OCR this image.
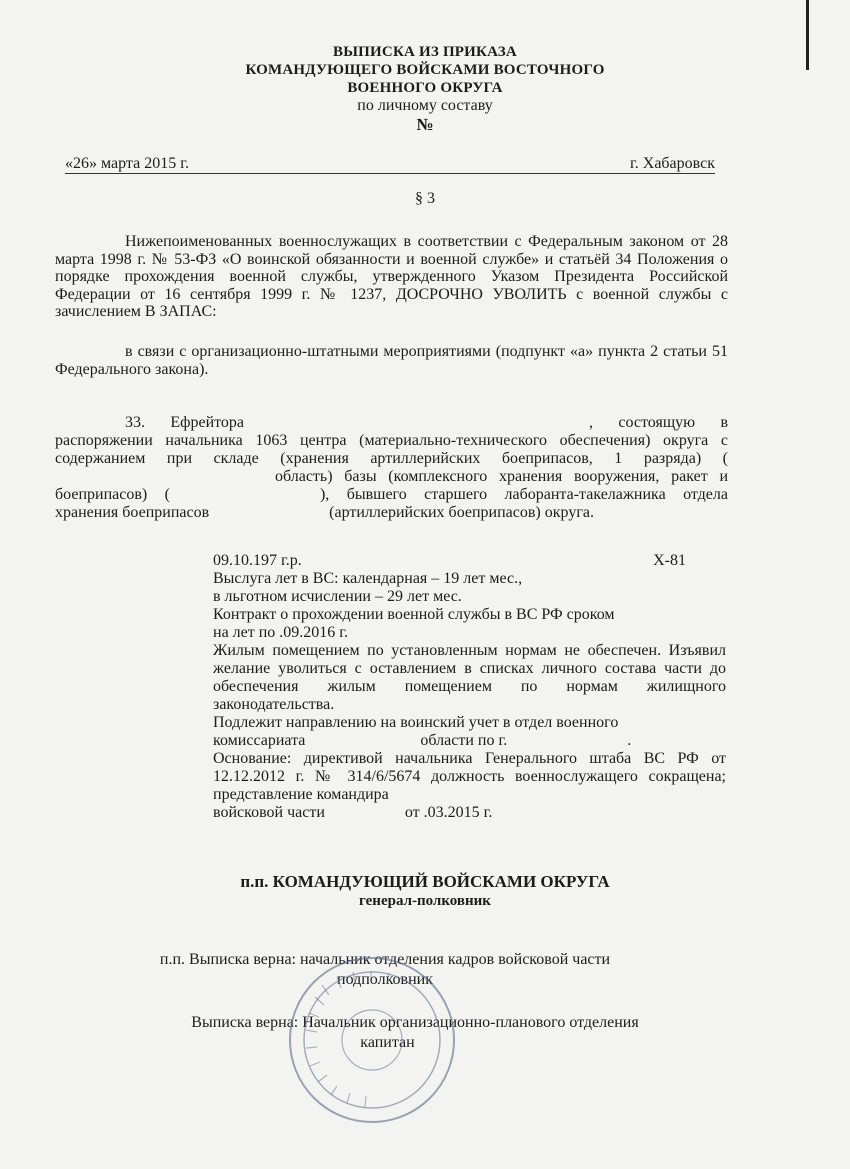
ВЫПИСКА ИЗ ПРИКАЗА
КОМАНДУЮЩЕГО ВОЙСКАМИ ВОСТОЧНОГО
ВОЕННОГО ОКРУГА
по личному составу
№
«26» марта 2015 г.	г. Хабаровск
§ 3
Нижепоименованных военнослужащих в соответствии с Федеральным законом от 28 марта 1998 г. № 53-ФЗ «О воинской обязанности и военной службе» и статьёй 34 Положения о порядке прохождения военной службы, утвержденного Указом Президента Российской Федерации от 16 сентября 1999 г. № 1237, ДОСРОЧНО УВОЛИТЬ с военной службы с зачислением В ЗАПАС:
в связи с организационно-штатными мероприятиями (подпункт «а» пункта 2 статьи 51 Федерального закона).
33. Ефрейтора	, состоящую в распоряжении начальника 1063 центра (материально-технического обеспечения) округа с содержанием при складе (хранения артиллерийских боеприпасов, 1 разряда) (область) базы (комплексного хранения вооружения, ракет и боеприпасов) (	), бывшего старшего лаборанта-такелажника отдела хранения боеприпасов	(артиллерийских боеприпасов) округа.
09.10.197 г.р.	Х-81
Выслуга лет в ВС: календарная – 19 лет мес.,
в льготном исчислении – 29 лет мес.
Контракт о прохождении военной службы в ВС РФ сроком
на лет по .09.2016 г.
Жилым помещением по установленным нормам не обеспечен. Изъявил желание уволиться с оставлением в списках личного состава части до обеспечения жилым помещением по нормам жилищного законодательства.
Подлежит направлению на воинский учет в отдел военного
комиссариата	области по г.	.
Основание: директивой начальника Генерального штаба ВС РФ от 12.12.2012 г. № 314/6/5674 должность военнослужащего сокращена; представление командира
войсковой части	от .03.2015 г.
п.п. КОМАНДУЮЩИЙ ВОЙСКАМИ ОКРУГА
генерал-полковник
п.п. Выписка верна: начальник отделения кадров войсковой части
подполковник
Выписка верна: Начальник организационно-планового отделения
капитан
